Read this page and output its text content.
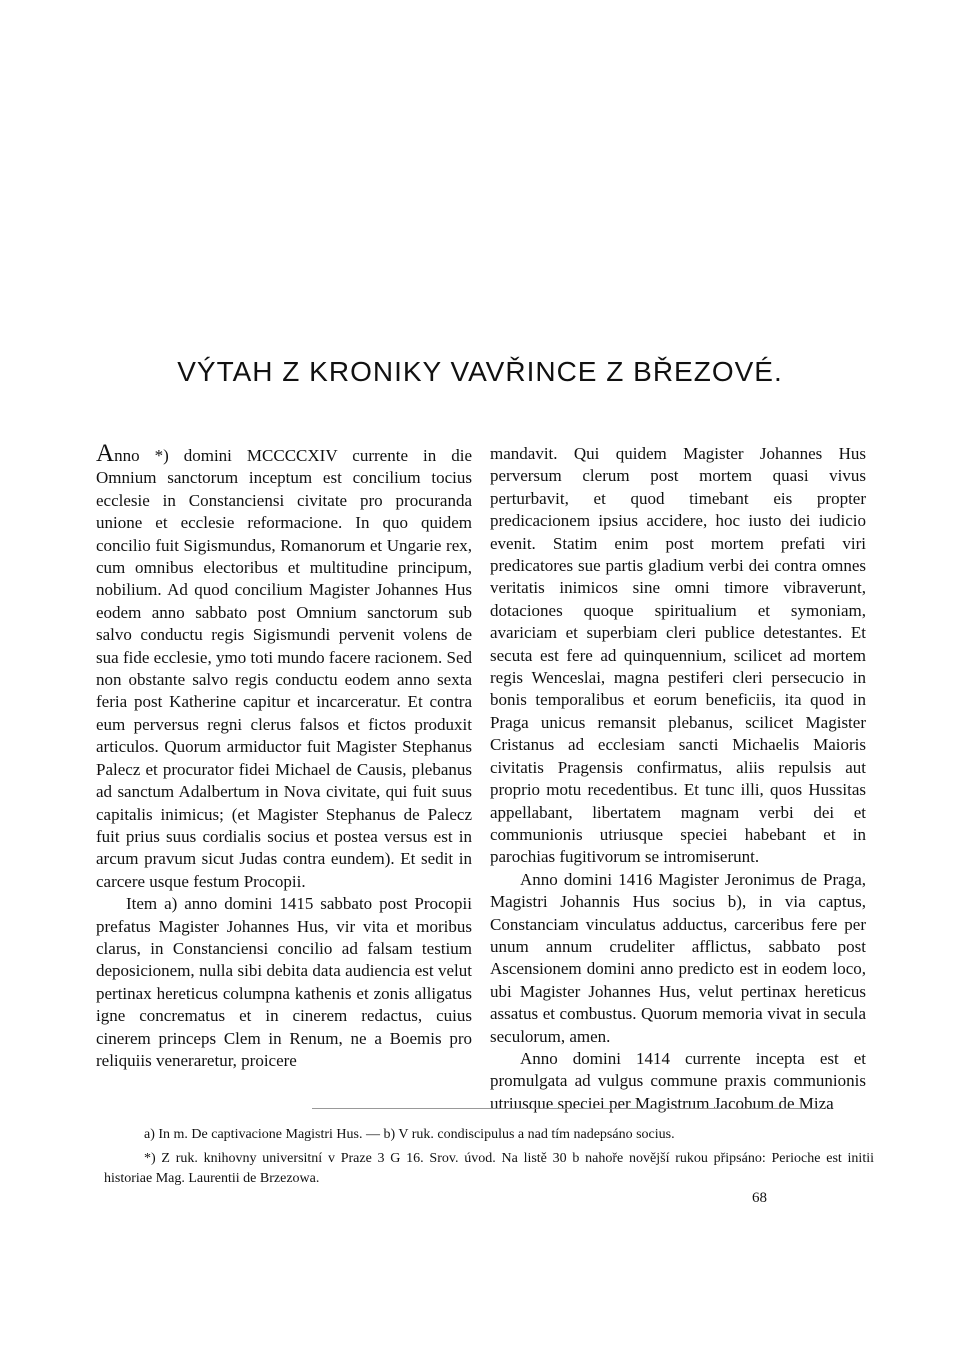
VÝTAH Z KRONIKY VAVŘINCE Z BŘEZOVÉ.

Anno *) domini MCCCCXIV currente in die Omnium sanctorum inceptum est concilium tocius ecclesie in Constanciensi civitate pro procuranda unione et ecclesie reformacione. In quo quidem concilio fuit Sigismundus, Romanorum et Ungarie rex, cum omnibus electoribus et multitudine principum, nobilium. Ad quod concilium Magister Johannes Hus eodem anno sabbato post Omnium sanctorum sub salvo conductu regis Sigismundi pervenit volens de sua fide ecclesie, ymo toti mundo facere racionem. Sed non obstante salvo regis conductu eodem anno sexta feria post Katherine capitur et incarceratur. Et contra eum perversus regni clerus falsos et fictos produxit articulos. Quorum armiductor fuit Magister Stephanus Palecz et procurator fidei Michael de Causis, plebanus ad sanctum Adalbertum in Nova civitate, qui fuit suus capitalis inimicus; (et Magister Stephanus de Palecz fuit prius suus cordialis socius et postea versus est in arcum pravum sicut Judas contra eundem). Et sedit in carcere usque festum Procopii.

Item a) anno domini 1415 sabbato post Procopii prefatus Magister Johannes Hus, vir vita et moribus clarus, in Constanciensi concilio ad falsam testium deposicionem, nulla sibi debita data audiencia est velut pertinax hereticus columpna kathenis et zonis alligatus igne concrematus et in cinerem redactus, cuius cinerem princeps Clem in Renum, ne a Boemis pro reliquiis veneraretur, proicere

mandavit. Qui quidem Magister Johannes Hus perversum clerum post mortem quasi vivus perturbavit, et quod timebant eis propter predicacionem ipsius accidere, hoc iusto dei iudicio evenit. Statim enim post mortem prefati viri predicatores sue partis gladium verbi dei contra omnes veritatis inimicos sine omni timore vibraverunt, dotaciones quoque spiritualium et symoniam, avariciam et superbiam cleri publice detestantes. Et secuta est fere ad quinquennium, scilicet ad mortem regis Wenceslai, magna pestiferi cleri persecucio in bonis temporalibus et eorum beneficiis, ita quod in Praga unicus remansit plebanus, scilicet Magister Cristanus ad ecclesiam sancti Michaelis Maioris civitatis Pragensis confirmatus, aliis repulsis aut proprio motu recedentibus. Et tunc illi, quos Hussitas appellabant, libertatem magnam verbi dei et communionis utriusque speciei habebant et in parochias fugitivorum se intromiserunt.

Anno domini 1416 Magister Jeronimus de Praga, Magistri Johannis Hus socius b), in via captus, Constanciam vinculatus adductus, carceribus fere per unum annum crudeliter afflictus, sabbato post Ascensionem domini anno predicto est in eodem loco, ubi Magister Johannes Hus, velut pertinax hereticus assatus et combustus. Quorum memoria vivat in secula seculorum, amen.

Anno domini 1414 currente incepta est et promulgata ad vulgus commune praxis communionis utriusque speciei per Magistrum Jacobum de Miza

a) In m. De captivacione Magistri Hus. — b) V ruk. condiscipulus a nad tím nadepsáno socius.

*) Z ruk. knihovny universitní v Praze 3 G 16. Srov. úvod. Na listě 30 b nahoře novější rukou připsáno: Perioche est initii historiae Mag. Laurentii de Brzezowa.

68
